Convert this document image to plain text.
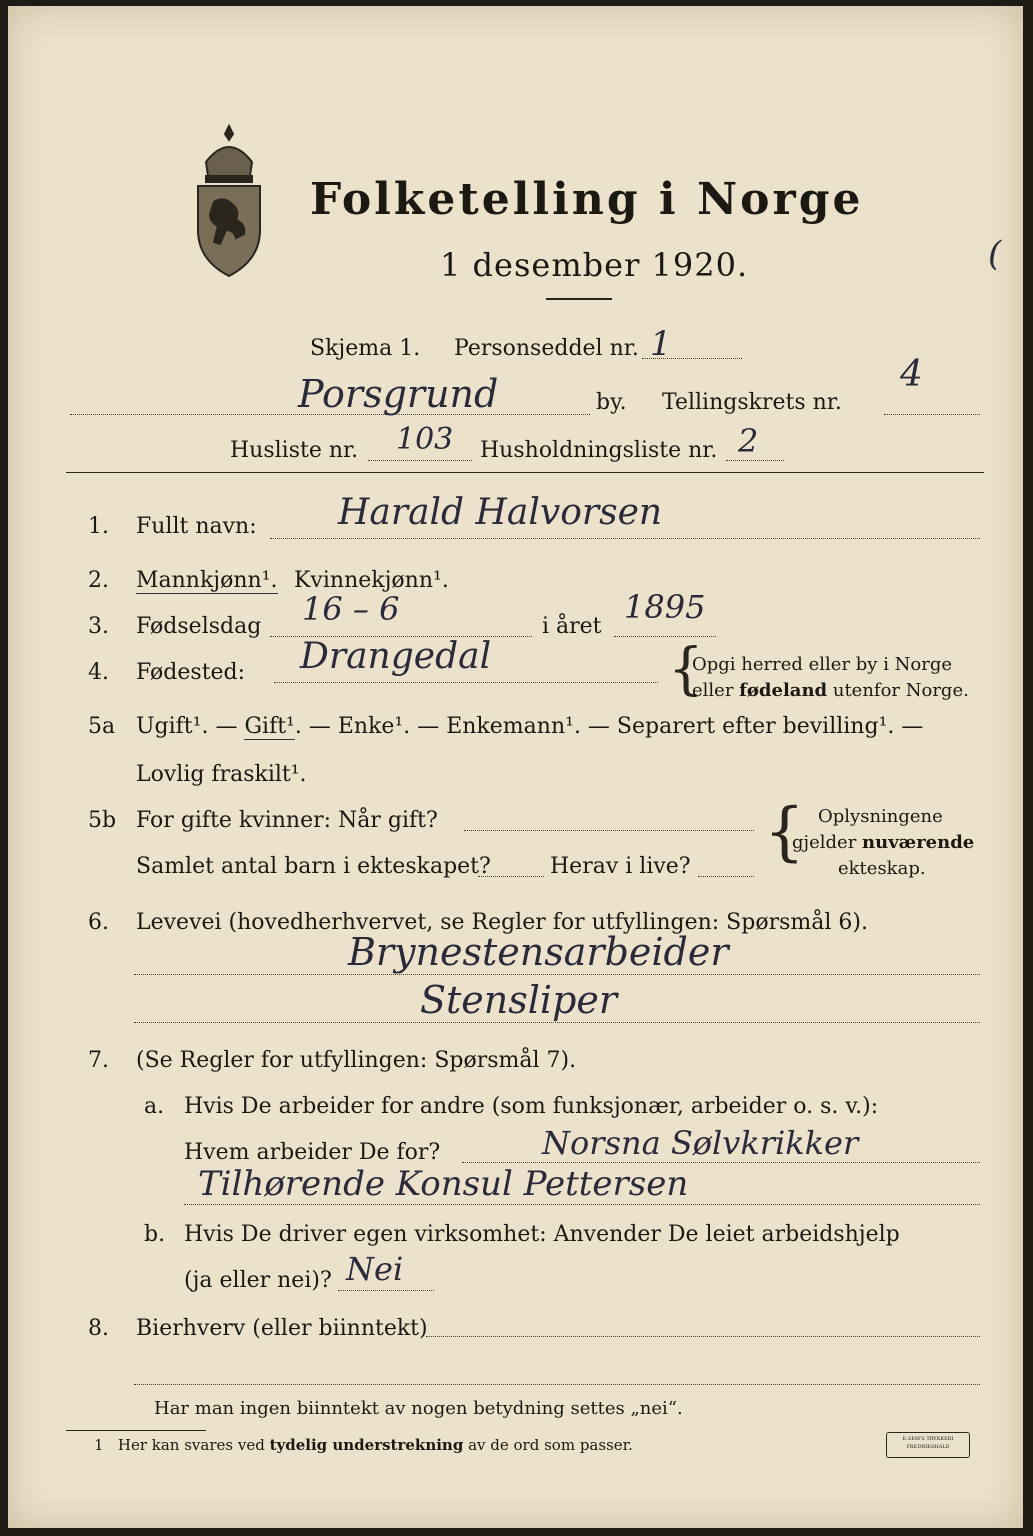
Folketelling i Norge
1 desember 1920.
Skjema 1. Personseddel nr. 1
Porsgrund	by. Tellingskrets nr.
4
Husliste nr. 103 Husholdningsliste nr. 2
1. Fullt navn: Harald Halvorsen
2. Mannkjønn¹. Kvinnekjønn¹.
3. Fødselsdag 16 – 6	i året
1895
4. Fødested: Drangedal	{
Opgi herred eller by i Norge
eller fødeland utenfor Norge.
5a Ugift¹. — Gift¹. — Enke¹. — Enkemann¹. — Separert efter bevilling¹. —
Lovlig fraskilt¹.
5b For gifte kvinner: Når gift?
Samlet antal barn i ekteskapet?	Herav i live? { Oplysningene
gjelder nuværende
ekteskap.
6. Levevei (hovedherhvervet, se Regler for utfyllingen: Spørsmål 6).
Brynestensarbeider
Stensliper
7. (Se Regler for utfyllingen: Spørsmål 7).
a. Hvis De arbeider for andre (som funksjonær, arbeider o. s. v.):
Hvem arbeider De for?	Norsna Sølvkrikker
Tilhørende Konsul Pettersen
b. Hvis De driver egen virksomhet: Anvender De leiet arbeidshjelp
(ja eller nei)? Nei
8. Bierhverv (eller biinntekt)
Har man ingen biinntekt av nogen betydning settes „nei“.
1 Her kan svares ved tydelig understrekning av de ord som passer.	E.SEM'S TRYKKERI
FREDRIKSHALD
(
